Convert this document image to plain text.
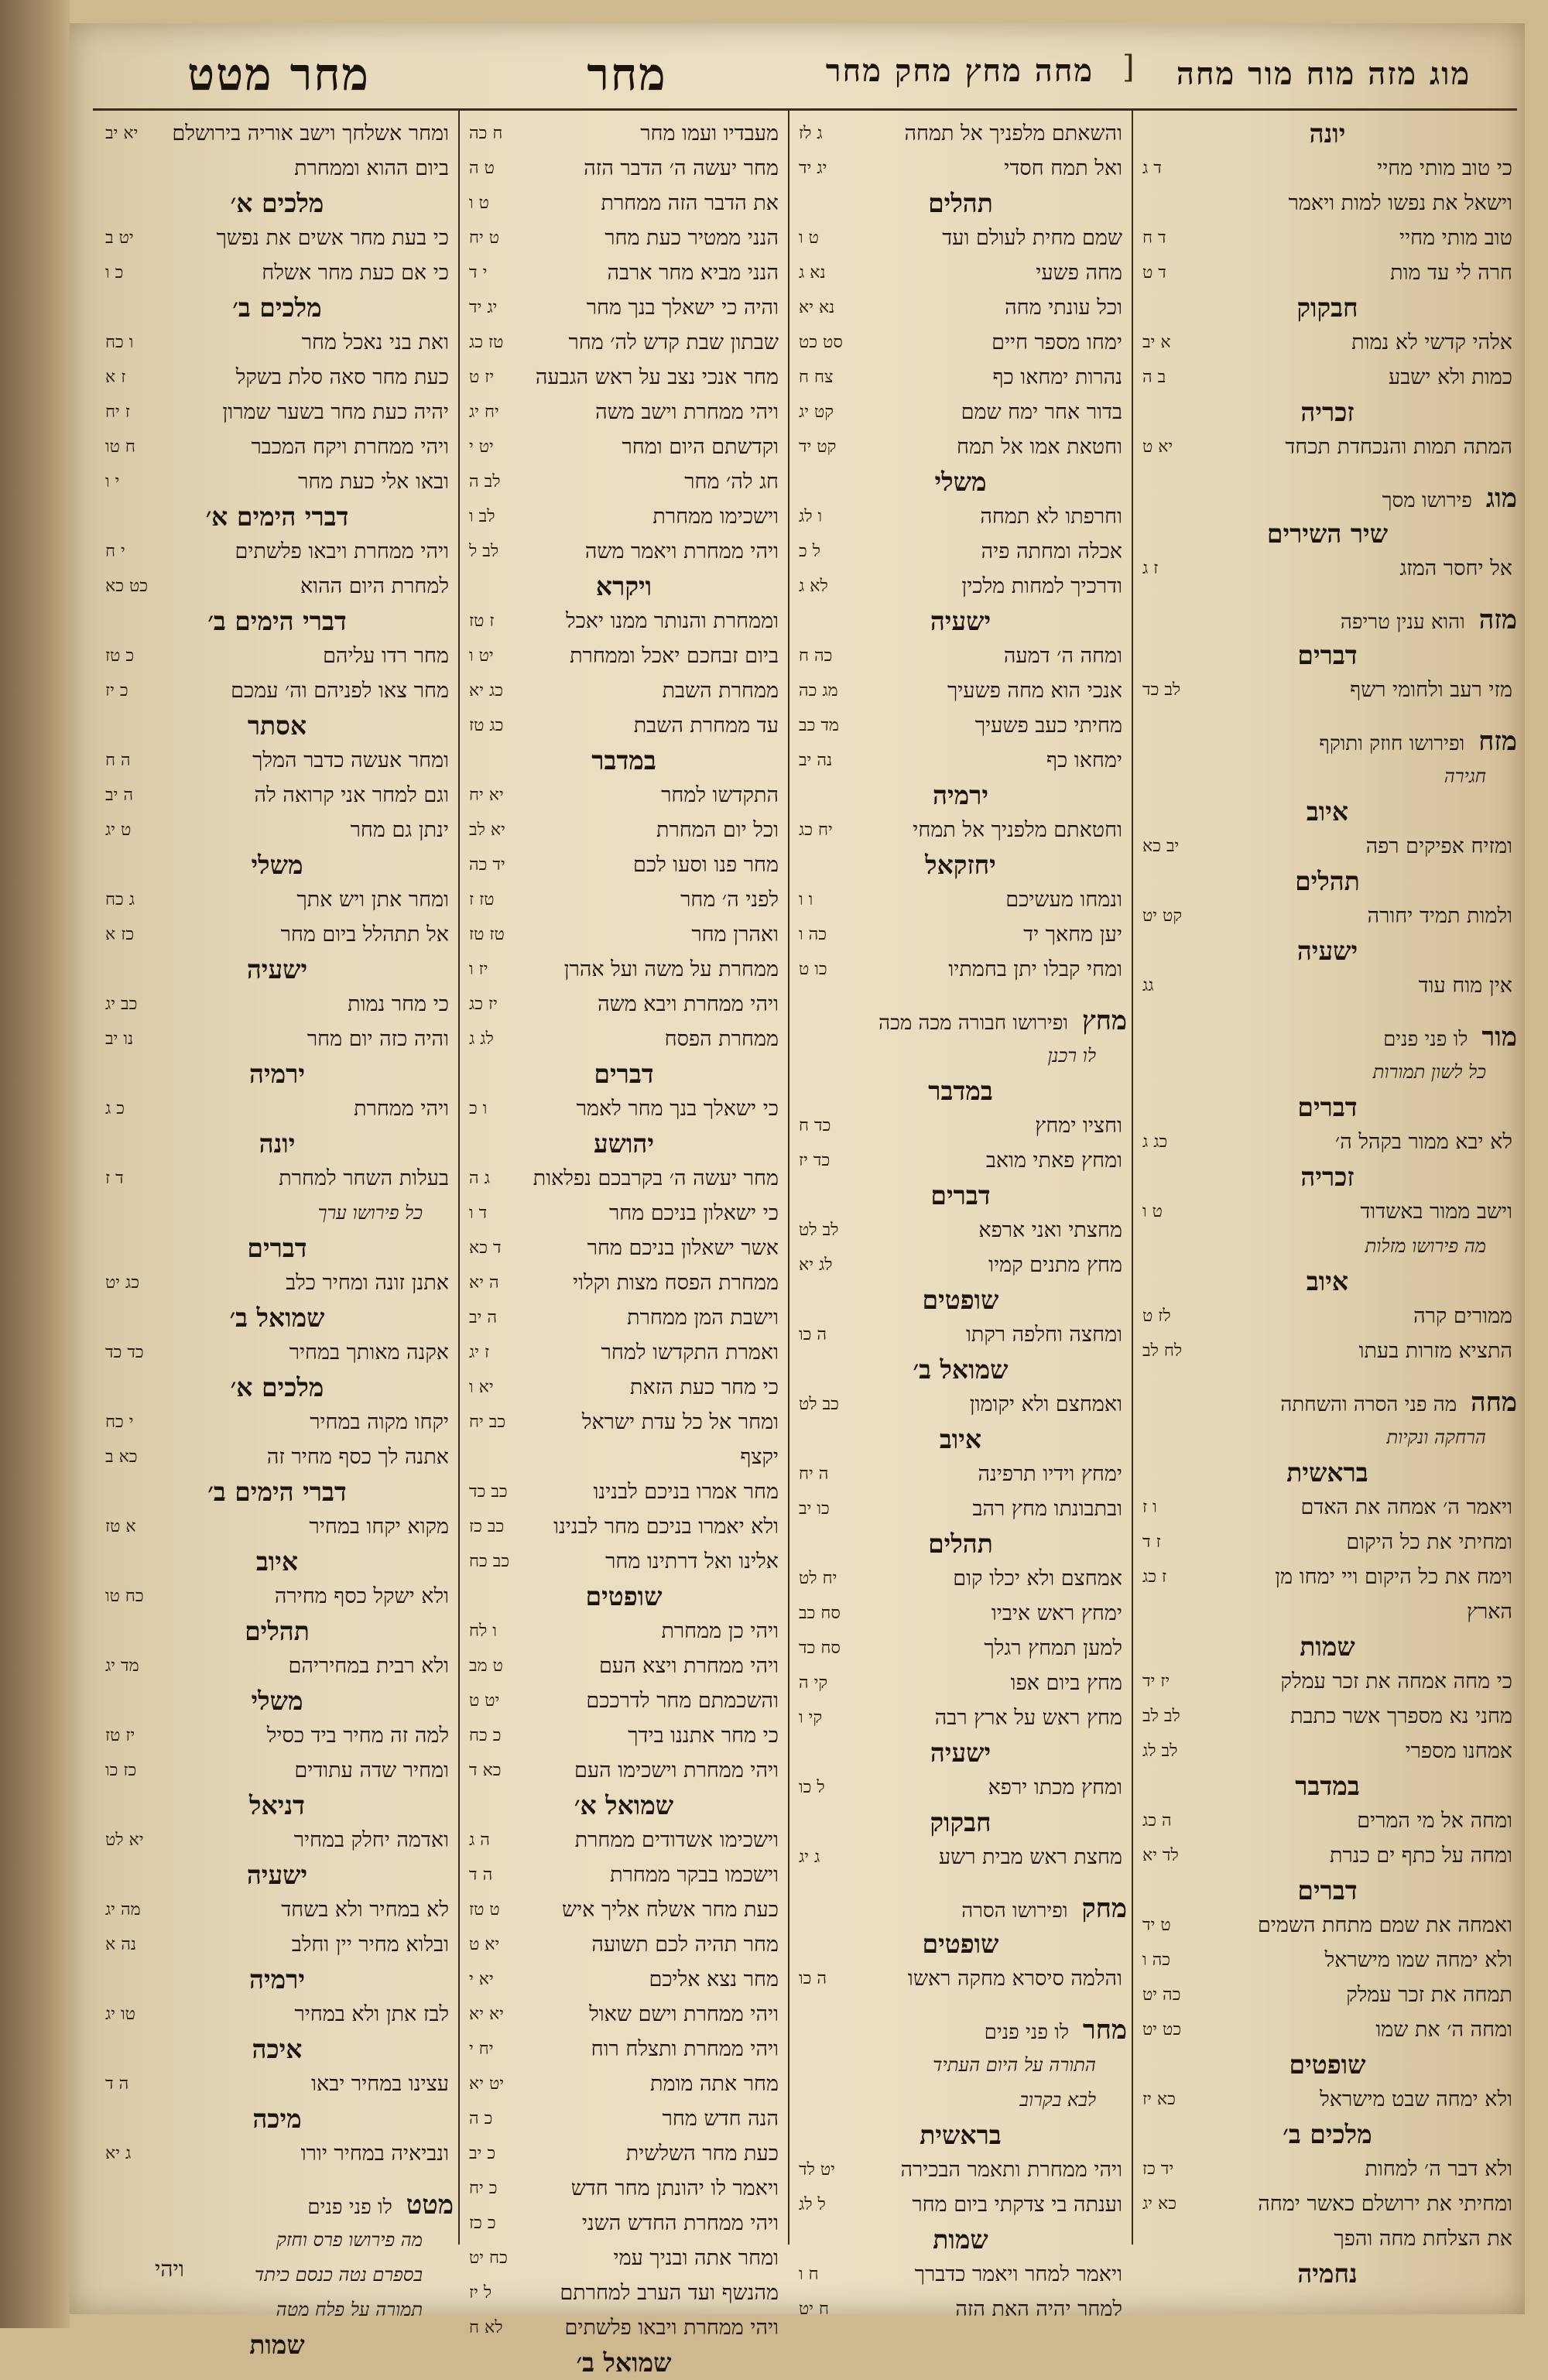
מוג מזה מוח מור מחה
מחה מחץ מחק מחר
מחר
מחר מטט	]
יונה
כי טוב מותי מחיי
ד ג
וישאל את נפשו למות ויאמר
טוב מותי מחיי
ד ח
חרה לי עד מות
ד ט
חבקוק
אלהי קדשי לא נמות
א יב
כמות ולא ישבע
ב ה
זכריה
המתה תמות והנכחדת תכחד
יא ט
מוגפירושו מסך
שיר השירים
אל יחסר המזג
ז ג
מזהוהוא ענין טריפה
דברים
מזי רעב ולחומי רשף
לב כד
מזחופירושו חוזק ותוקף
חגירה
איוב
ומזיח אפיקים רפה
יב כא
תהלים
ולמות תמיד יחורה
קט יט
ישעיה
אין מוח עוד
גג
מורלו פני פנים
כל לשון תמורות
דברים
לא יבא ממור בקהל ה׳
כג ג
זכריה
וישב ממור באשדוד
ט ו
מה פירושו מזלות
איוב
ממורים קרה
לז ט
התציא מזרות בעתו
לח לב
מחהמה פני הסרה והשחתה
הרחקה ונקיות
בראשית
ויאמר ה׳ אמחה את האדם
ו ז
ומחיתי את כל היקום
ז ד
וימח את כל היקום ויי ימחו מן
ז כג
הארץ
שמות
כי מחה אמחה את זכר עמלק
יז יד
מחני נא מספרך אשר כתבת
לב לב
אמחנו מספרי
לב לג
במדבר
ומחה אל מי המרים
ה כג
ומחה על כתף ים כנרת
לד יא
דברים
ואמחה את שמם מתחת השמים
ט יד
ולא ימחה שמו מישראל
כה ו
תמחה את זכר עמלק
כה יט
ומחה ה׳ את שמו
כט יט
שופטים
ולא ימחה שבט מישראל
כא יז
מלכים ב׳
ולא דבר ה׳ למחות
יד כז
ומחיתי את ירושלם כאשר ימחה
כא יג
את הצלחת מחה והפך
נחמיה
והשאתם מלפניך אל תמחה
ג לז
ואל תמח חסדי
יג יד
תהלים
שמם מחית לעולם ועד
ט ו
מחה פשעי
נא ג
וכל עונתי מחה
נא יא
ימחו מספר חיים
סט כט
נהרות ימחאו כף
צח ח
בדור אחר ימח שמם
קט יג
וחטאת אמו אל תמח
קט יד
משלי
וחרפתו לא תמחה
ו לג
אכלה ומחתה פיה
ל כ
ודרכיך למחות מלכין
לא ג
ישעיה
ומחה ה׳ דמעה
כה ח
אנכי הוא מחה פשעיך
מג כה
מחיתי כעב פשעיך
מד כב
ימחאו כף
נה יב
ירמיה
וחטאתם מלפניך אל תמחי
יח כג
יחזקאל
ונמחו מעשיכם
ו ו
יען מחאך יד
כה ו
ומחי קבלו יתן בחמתיו
כו ט
מחץופירושו חבורה מכה מכה
לו רכנן
במדבר
וחציו ימחץ
כד ח
ומחץ פאתי מואב
כד יז
דברים
מחצתי ואני ארפא
לב לט
מחץ מתנים קמיו
לג יא
שופטים
ומחצה וחלפה רקתו
ה כו
שמואל ב׳
ואמחצם ולא יקומון
כב לט
איוב
ימחץ וידיו תרפינה
ה יח
ובתבונתו מחץ רהב
כו יב
תהלים
אמחצם ולא יכלו קום
יח לט
ימחץ ראש איביו
סח כב
למען תמחץ רגלך
סח כד
מחץ ביום אפו
קי ה
מחץ ראש על ארץ רבה
קי ו
ישעיה
ומחץ מכתו ירפא
ל כו
חבקוק
מחצת ראש מבית רשע
ג יג
מחקופירושו הסרה
שופטים
והלמה סיסרא מחקה ראשו
ה כו
מחרלו פני פנים
התורה על היום העתיד
לבא בקרוב
בראשית
ויהי ממחרת ותאמר הבכירה
יט לד
וענתה בי צדקתי ביום מחר
ל לג
שמות
ויאמר למחר ויאמר כדברך
ח ו
למחר יהיה האת הזה
ח יט
מעבדיו ועמו מחר
ח כה
מחר יעשה ה׳ הדבר הזה
ט ה
את הדבר הזה ממחרת
ט ו
הנני ממטיר כעת מחר
ט יח
הנני מביא מחר ארבה
י ד
והיה כי ישאלך בנך מחר
יג יד
שבתון שבת קדש לה׳ מחר
טז כג
מחר אנכי נצב על ראש הגבעה
יז ט
ויהי ממחרת וישב משה
יח יג
וקדשתם היום ומחר
יט י
חג לה׳ מחר
לב ה
וישכימו ממחרת
לב ו
ויהי ממחרת ויאמר משה
לב ל
ויקרא
וממחרת והנותר ממנו יאכל
ז טז
ביום זבחכם יאכל וממחרת
יט ו
ממחרת השבת
כג יא
עד ממחרת השבת
כג טז
במדבר
התקדשו למחר
יא יח
וכל יום המחרת
יא לב
מחר פנו וסעו לכם
יד כה
לפני ה׳ מחר
טז ז
ואהרן מחר
טז טז
ממחרת על משה ועל אהרן
יז ו
ויהי ממחרת ויבא משה
יז כג
ממחרת הפסח
לג ג
דברים
כי ישאלך בנך מחר לאמר
ו כ
יהושע
מחר יעשה ה׳ בקרבכם נפלאות
ג ה
כי ישאלון בניכם מחר
ד ו
אשר ישאלון בניכם מחר
ד כא
ממחרת הפסח מצות וקלוי
ה יא
וישבת המן ממחרת
ה יב
ואמרת התקדשו למחר
ז יג
כי מחר כעת הזאת
יא ו
ומחר אל כל עדת ישראל
כב יח
יקצף
מחר אמרו בניכם לבנינו
כב כד
ולא יאמרו בניכם מחר לבנינו
כב כז
אלינו ואל דרתינו מחר
כב כח
שופטים
ויהי כן ממחרת
ו לח
ויהי ממחרת ויצא העם
ט מב
והשכמתם מחר לדרככם
יט ט
כי מחר אתננו בידך
כ כח
ויהי ממחרת וישכימו העם
כא ד
שמואל א׳
וישכימו אשדודים ממחרת
ה ג
וישכמו בבקר ממחרת
ה ד
כעת מחר אשלח אליך איש
ט טז
מחר תהיה לכם תשועה
יא ט
מחר נצא אליכם
יא י
ויהי ממחרת וישם שאול
יא יא
ויהי ממחרת ותצלח רוח
יח י
מחר אתה מומת
יט יא
הנה חדש מחר
כ ה
כעת מחר השלשית
כ יב
ויאמר לו יהונתן מחר חדש
כ יח
ויהי ממחרת החדש השני
כ כז
ומחר אתה ובניך עמי
כח יט
מהנשף ועד הערב למחרתם
ל יז
ויהי ממחרת ויבאו פלשתים
לא ח
שמואל ב׳
ומחר אשלחך וישב אוריה בירושלם
יא יב
ביום ההוא וממחרת
מלכים א׳
כי בעת מחר אשים את נפשך
יט ב
כי אם כעת מחר אשלח
כ ו
מלכים ב׳
ואת בני נאכל מחר
ו כח
כעת מחר סאה סלת בשקל
ז א
יהיה כעת מחר בשער שמרון
ז יח
ויהי ממחרת ויקח המכבר
ח טו
ובאו אלי כעת מחר
י ו
דברי הימים א׳
ויהי ממחרת ויבאו פלשתים
י ח
למחרת היום ההוא
כט כא
דברי הימים ב׳
מחר רדו עליהם
כ טז
מחר צאו לפניהם וה׳ עמכם
כ יז
אסתר
ומחר אעשה כדבר המלך
ה ח
וגם למחר אני קרואה לה
ה יב
ינתן גם מחר
ט יג
משלי
ומחר אתן ויש אתך
ג כח
אל תתהלל ביום מחר
כז א
ישעיה
כי מחר נמות
כב יג
והיה כזה יום מחר
נו יב
ירמיה
ויהי ממחרת
כ ג
יונה
בעלות השחר למחרת
ד ז
כל פירושו ערך
דברים
אתנן זונה ומחיר כלב
כג יט
שמואל ב׳
אקנה מאותך במחיר
כד כד
מלכים א׳
יקחו מקוה במחיר
י כח
אתנה לך כסף מחיר זה
כא ב
דברי הימים ב׳
מקוא יקחו במחיר
א טז
איוב
ולא ישקל כסף מחירה
כח טו
תהלים
ולא רבית במחיריהם
מד יג
משלי
למה זה מחיר ביד כסיל
יז טז
ומחיר שדה עתודים
כז כו
דניאל
ואדמה יחלק במחיר
יא לט
ישעיה
לא במחיר ולא בשחד
מה יג
ובלוא מחיר יין וחלב
נה א
ירמיה
לבז אתן ולא במחיר
טו יג
איכה
עצינו במחיר יבאו
ה ד
מיכה
ונביאיה במחיר יורו
ג יא
מטטלו פני פנים
מה פירושו פרס וחזק
בספרם נטה כנסם כיתד
תמורה על פלח מטה
שמות
ויהי
